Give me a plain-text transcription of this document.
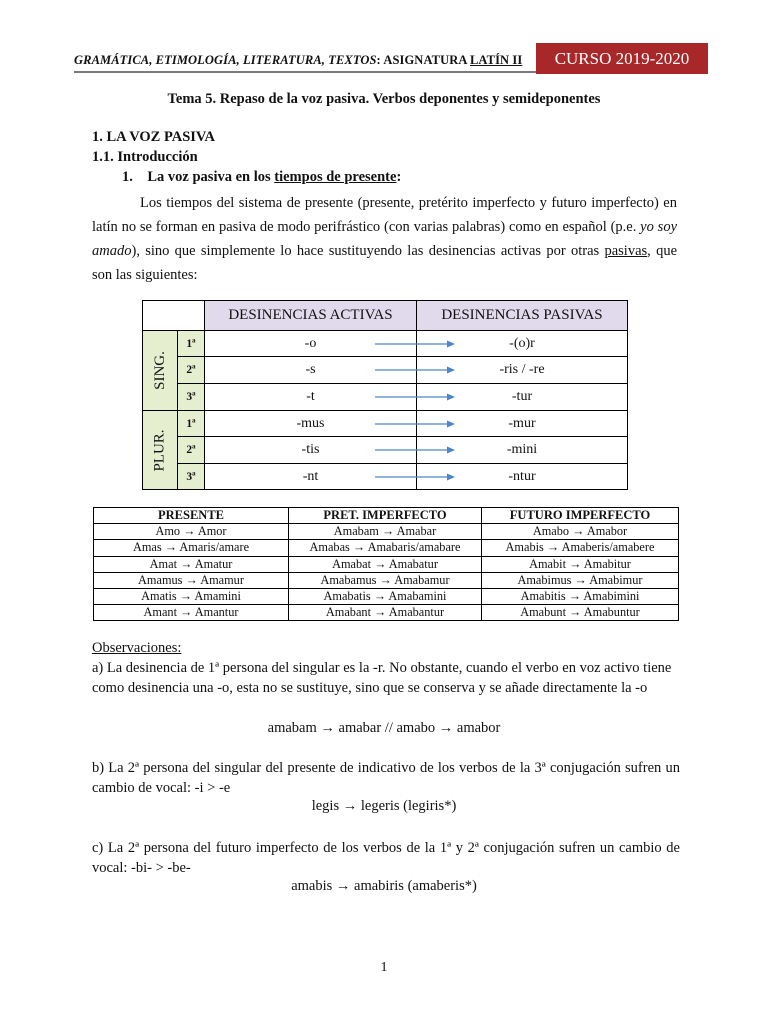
GRAMÁTICA, ETIMOLOGÍA, LITERATURA, TEXTOS: ASIGNATURA LATÍN II	CURSO 2019-2020
Tema 5. Repaso de la voz pasiva. Verbos deponentes y semideponentes
1. LA VOZ PASIVA
1.1. Introducción
1. La voz pasiva en los tiempos de presente:
Los tiempos del sistema de presente (presente, pretérito imperfecto y futuro imperfecto) en latín no se forman en pasiva de modo perifrástico (con varias palabras) como en español (p.e. yo soy amado), sino que simplemente lo hace sustituyendo las desinencias activas por otras pasivas, que son las siguientes:
DESINENCIAS ACTIVAS	DESINENCIAS PASIVAS
SING.
PLUR.
1ª	-o	-(o)r
2ª	-s	-ris / -re
3ª	-t	-tur
1ª	-mus	-mur
2ª	-tis	-mini
3ª	-nt	-ntur
PRESENTE	PRET. IMPERFECTO	FUTURO IMPERFECTO
Amo → Amor	Amabam → Amabar	Amabo → Amabor
Amas → Amaris/amare	Amabas → Amabaris/amabare	Amabis → Amaberis/amabere
Amat → Amatur	Amabat → Amabatur	Amabit → Amabitur
Amamus → Amamur	Amabamus → Amabamur	Amabimus → Amabimur
Amatis → Amamini	Amabatis → Amabamini	Amabitis → Amabimini
Amant → Amantur	Amabant → Amabantur	Amabunt → Amabuntur
Observaciones:
a) La desinencia de 1ª persona del singular es la -r. No obstante, cuando el verbo en voz activo tiene como desinencia una -o, esta no se sustituye, sino que se conserva y se añade directamente la -o
amabam → amabar // amabo → amabor
b) La 2ª persona del singular del presente de indicativo de los verbos de la 3ª conjugación sufren un cambio de vocal: -i > -e
legis → legeris (legiris*)
c) La 2ª persona del futuro imperfecto de los verbos de la 1ª y 2ª conjugación sufren un cambio de vocal: -bi- > -be-
amabis → amabiris (amaberis*)
1
